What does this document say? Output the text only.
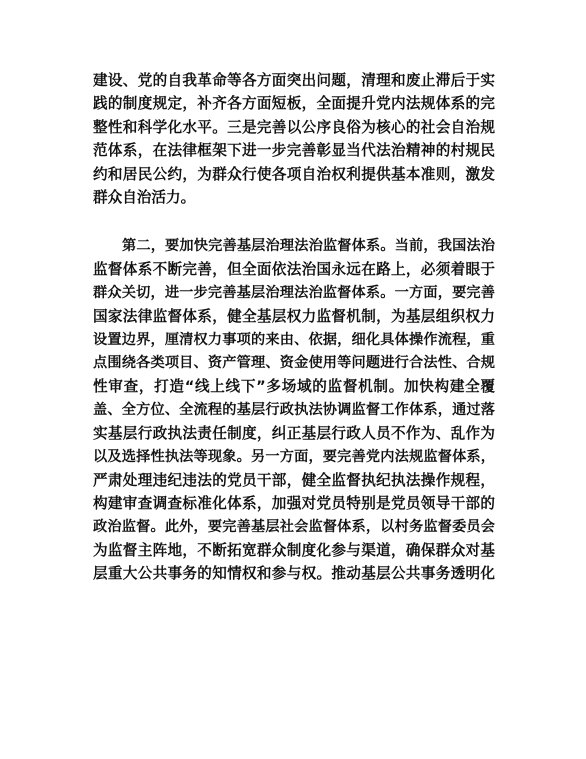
建设、党的自我革命等各方面突出问题，清理和废止滞后于实
践的制度规定，补齐各方面短板，全面提升党内法规体系的完
整性和科学化水平。三是完善以公序良俗为核心的社会自治规
范体系，在法律框架下进一步完善彰显当代法治精神的村规民
约和居民公约，为群众行使各项自治权利提供基本准则，激发
群众自治活力。
第二，要加快完善基层治理法治监督体系。当前，我国法治
监督体系不断完善，但全面依法治国永远在路上，必须着眼于
群众关切，进一步完善基层治理法治监督体系。一方面，要完善
国家法律监督体系，健全基层权力监督机制，为基层组织权力
设置边界，厘清权力事项的来由、依据，细化具体操作流程，重
点围绕各类项目、资产管理、资金使用等问题进行合法性、合规
性审查，打造“线上线下”多场域的监督机制。加快构建全覆
盖、全方位、全流程的基层行政执法协调监督工作体系，通过落
实基层行政执法责任制度，纠正基层行政人员不作为、乱作为
以及选择性执法等现象。另一方面，要完善党内法规监督体系，
严肃处理违纪违法的党员干部，健全监督执纪执法操作规程，
构建审查调查标准化体系，加强对党员特别是党员领导干部的
政治监督。此外，要完善基层社会监督体系，以村务监督委员会
为监督主阵地，不断拓宽群众制度化参与渠道，确保群众对基
层重大公共事务的知情权和参与权。推动基层公共事务透明化
